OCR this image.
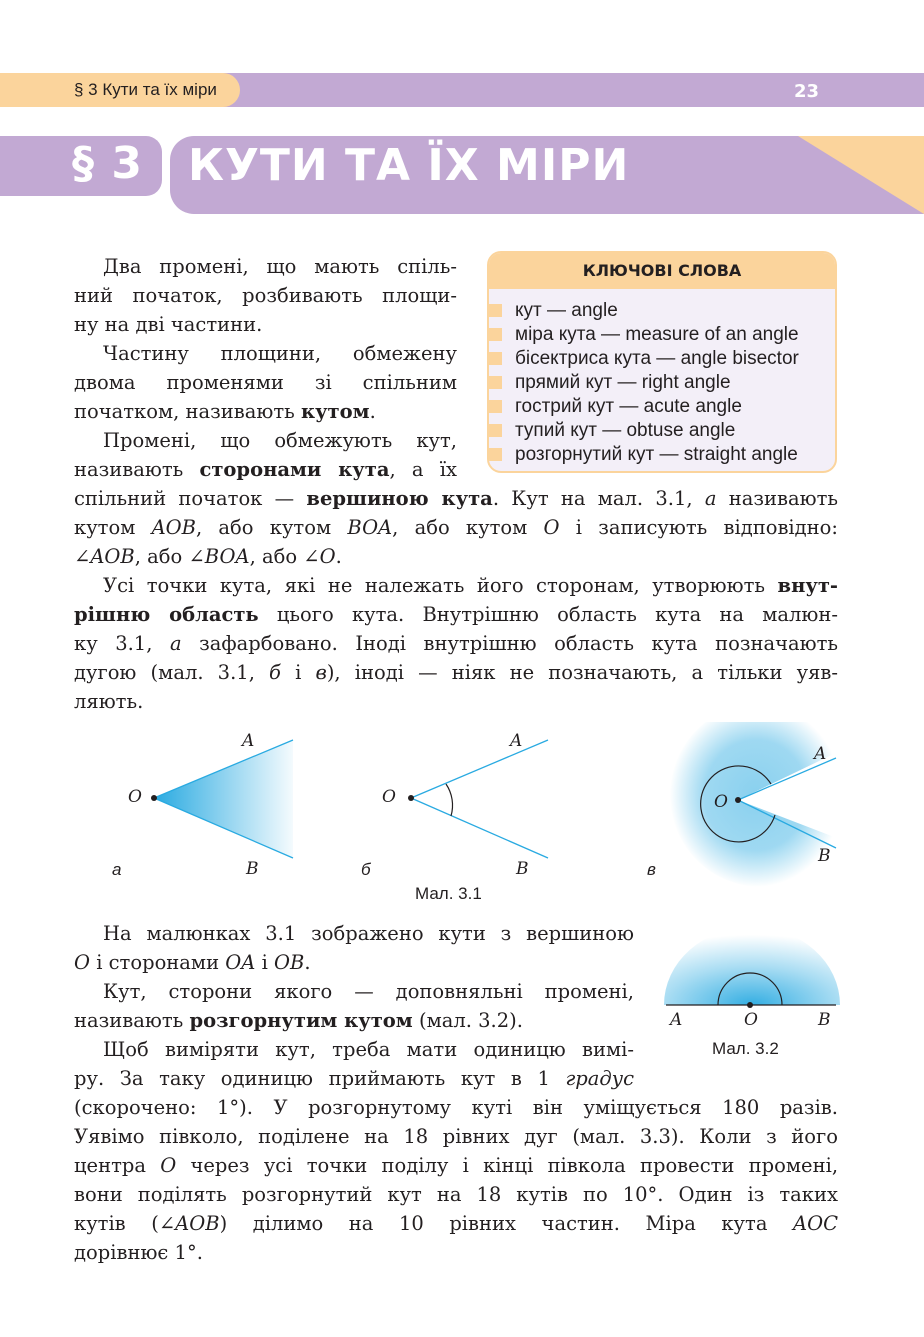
§ 3 Кути та їх міри	23
§ 3 КУТИ ТА ЇХ МІРИ
КЛЮЧОВІ СЛОВА
кут — angle
міра кута — measure of an angle
бісектриса кута — angle bisector
прямий кут — right angle
гострий кут — acute angle
тупий кут — obtuse angle
розгорнутий кут — straight angle
Два промені, що мають спіль-
ний початок, розбивають площи-
ну на дві частини.
Частину площини, обмежену
двома променями зі спільним
початком, називають кутом.
Промені, що обмежують кут,
називають сторонами кута, а їх
спільний початок — вершиною кута. Кут на мал. 3.1, а називають
кутом AOB, або кутом BOA, або кутом O і записують відповідно:
∠AOB, або ∠BOA, або ∠O.
Усі точки кута, які не належать його сторонам, утворюють внут-
рішню область цього кута. Внутрішню область кута на малюн-
ку 3.1, а зафарбовано. Іноді внутрішню область кута позначають
дугою (мал. 3.1, б і в), іноді — ніяк не позначають, а тільки уяв-
ляють.
O
A
B
а
O
A
B
б
O
A
B
в
Мал. 3.1
На малюнках 3.1 зображено кути з вершиною
O і сторонами OA і OB.
Кут, сторони якого — доповняльні промені,
називають розгорнутим кутом (мал. 3.2).	A	O	B
Мал. 3.2
Щоб виміряти кут, треба мати одиницю вимі-
ру. За таку одиницю приймають кут в 1 градус
(скорочено: 1°). У розгорнутому куті він уміщується 180 разів.
Уявімо півколо, поділене на 18 рівних дуг (мал. 3.3). Коли з його
центра O через усі точки поділу і кінці півкола провести промені,
вони поділять розгорнутий кут на 18 кутів по 10°. Один із таких
кутів (∠AOB) ділимо на 10 рівних частин. Міра кута AOC
дорівнює 1°.
